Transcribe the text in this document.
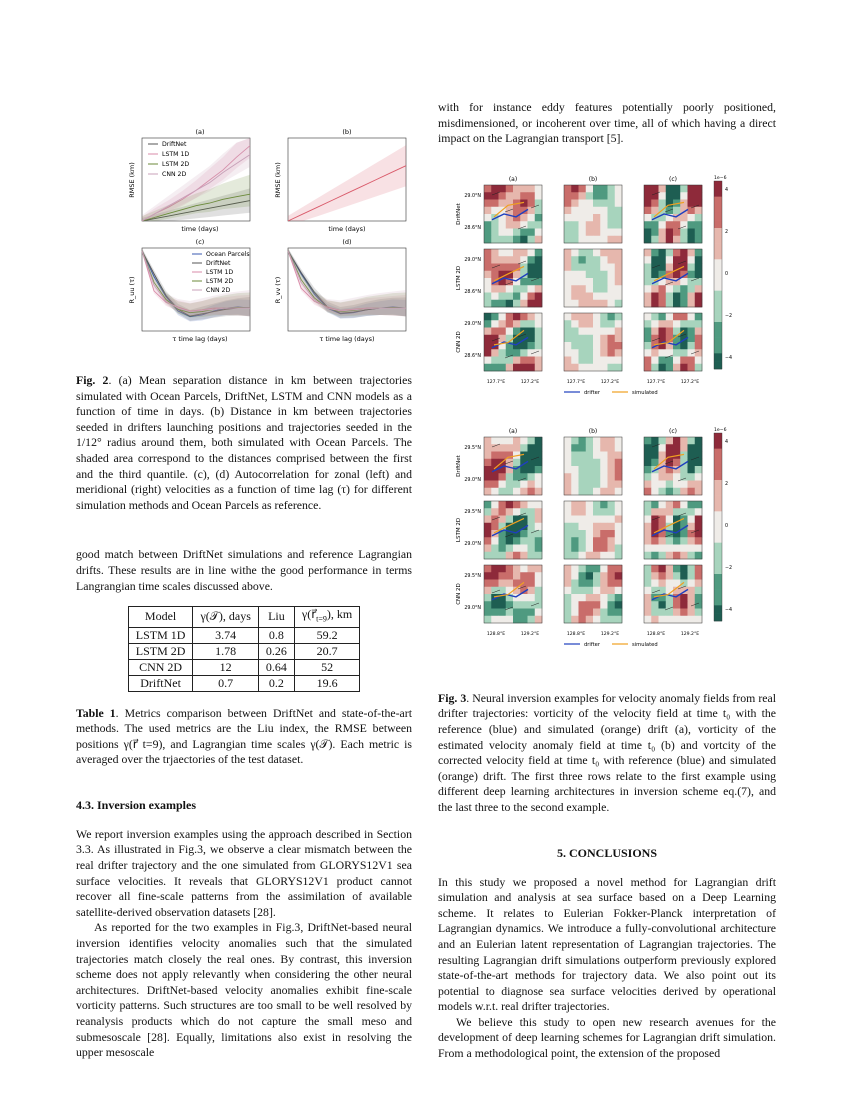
(a)
RMSE (km)
time (days)
DriftNet
LSTM 1D
LSTM 2D
CNN 2D
(b)
RMSE (km)
time (days)
(c)
R_uu (τ)
τ time lag (days)
Ocean Parcels
DriftNet
LSTM 1D
LSTM 2D
CNN 2D
(d)
R_vv (τ)
τ time lag (days)

Fig. 2. (a) Mean separation distance in km between trajectories simulated with Ocean Parcels, DriftNet, LSTM and CNN models as a function of time in days. (b) Distance in km between trajectories seeded in drifters launching positions and trajectories seeded in the 1/12° radius around them, both simulated with Ocean Parcels. The shaded area correspond to the distances comprised between the first and the third quantile. (c), (d) Autocorrelation for zonal (left) and meridional (right) velocities as a function of time lag (τ) for different simulation methods and Ocean Parcels as reference.

good match between DriftNet simulations and reference Lagrangian drifts. These results are in line withe the good performance in terms Langrangian time scales discussed above.

Model	γ(𝒯), days	Liu	$\gamma(r⃗_{t=9})$, km
LSTM 1D	3.74	0.8	59.2
LSTM 2D	1.78	0.26	20.7
CNN 2D	12	0.64	52
DriftNet	0.7	0.2	19.6

Table 1. Metrics comparison between DriftNet and state-of-the-art methods. The used metrics are the Liu index, the RMSE between positions γ(r⃗ t=9), and Lagrangian time scales γ(𝒯). Each metric is averaged over the trjaectories of the test dataset.

4.3. Inversion examples

We report inversion examples using the approach described in Section 3.3. As illustrated in Fig.3, we observe a clear mismatch between the real drifter trajectory and the one simulated from GLORYS12V1 sea surface velocities. It reveals that GLORYS12V1 product cannot recover all fine-scale patterns from the assimilation of available satellite-derived observation datasets [28].

As reported for the two examples in Fig.3, DriftNet-based neural inversion identifies velocity anomalies such that the simulated trajectories match closely the real ones. By contrast, this inversion scheme does not apply relevantly when considering the other neural architectures. DriftNet-based velocity anomalies exhibit fine-scale vorticity patterns. Such structures are too small to be well resolved by reanalysis products which do not capture the small meso and submesoscale [28]. Equally, limitations also exist in resolving the upper mesoscale

with for instance eddy features potentially poorly positioned, misdimensioned, or incoherent over time, all of which having a direct impact on the Lagrangian transport [5].

(a)	(b)	(c)
DriftNet
29.0°N
28.6°N
LSTM 2D
29.0°N
28.6°N
CNN 2D
29.0°N
28.6°N
127.7°E	127.2°E	127.7°E	127.2°E	127.7°E	127.2°E
1e−6
4
2
0
−2
−4
drifter	simulated
(a)	(b)	(c)
DriftNet
29.5°N
29.0°N
LSTM 2D
29.5°N
29.0°N
CNN 2D
29.5°N
29.0°N
128.8°E	129.2°E	128.8°E	129.2°E	128.8°E	129.2°E
1e−6
4
2
0
−2
−4
drifter	simulated

Fig. 3. Neural inversion examples for velocity anomaly fields from real drifter trajectories: vorticity of the velocity field at time t₀ with the reference (blue) and simulated (orange) drift (a), vorticity of the estimated velocity anomaly field at time t₀ (b) and vortcity of the corrected velocity field at time t₀ with reference (blue) and simulated (orange) drift. The first three rows relate to the first example using different deep learning architectures in inversion scheme eq.(7), and the last three to the second example.

5. CONCLUSIONS

In this study we proposed a novel method for Lagrangian drift simulation and analysis at sea surface based on a Deep Learning scheme. It relates to Eulerian Fokker-Planck interpretation of Lagrangian dynamics. We introduce a fully-convolutional architecture and an Eulerian latent representation of Lagrangian trajectories. The resulting Lagrangian drift simulations outperform previously explored state-of-the-art methods for trajectory data. We also point out its potential to diagnose sea surface velocities derived by operational models w.r.t. real drifter trajectories.

We believe this study to open new research avenues for the development of deep learning schemes for Lagrangian drift simulation. From a methodological point, the extension of the proposed
